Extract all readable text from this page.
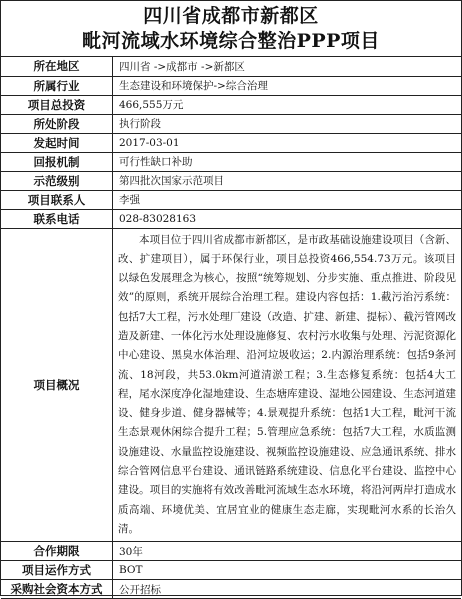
四川省成都市新都区
毗河流域水环境综合整治PPP项目
所在地区	四川省 ->成都市 ->新都区
所属行业	生态建设和环境保护->综合治理
项目总投资	466,555万元
所处阶段	执行阶段
发起时间	2017-03-01
回报机制	可行性缺口补助
示范级别	第四批次国家示范项目
项目联系人	李强
联系电话	028-83028163
项目概况	本项目位于四川省成都市新都区，是市政基础设施建设项目（含新、改、扩建项目），属于环保行业，项目总投资466,554.73万元。该项目以绿色发展理念为核心，按照“统筹规划、分步实施、重点推进、阶段见效”的原则，系统开展综合治理工程。建设内容包括：1.截污治污系统：包括7大工程，污水处理厂建设（改造、扩建、新建、提标）、截污管网改造及新建、一体化污水处理设施修复、农村污水收集与处理、污泥资源化中心建设、黑臭水体治理、沿河垃圾收运；2.内源治理系统：包括9条河流、18河段，共53.0km河道清淤工程；3.生态修复系统：包括4大工程，尾水深度净化湿地建设、生态塘库建设、湿地公园建设、生态河道建设、健身步道、健身器械等；4.景观提升系统：包括1大工程，毗河干流生态景观休闲综合提升工程；5.管理应急系统：包括7大工程，水质监测设施建设、水量监控设施建设、视频监控设施建设、应急通讯系统、排水综合管网信息平台建设、通讯链路系统建设、信息化平台建设、监控中心建设。项目的实施将有效改善毗河流域生态水环境，将沿河两岸打造成水质高端、环境优美、宜居宜业的健康生态走廊，实现毗河水系的长治久清。
合作期限	30年
项目运作方式	BOT
采购社会资本方式	公开招标
